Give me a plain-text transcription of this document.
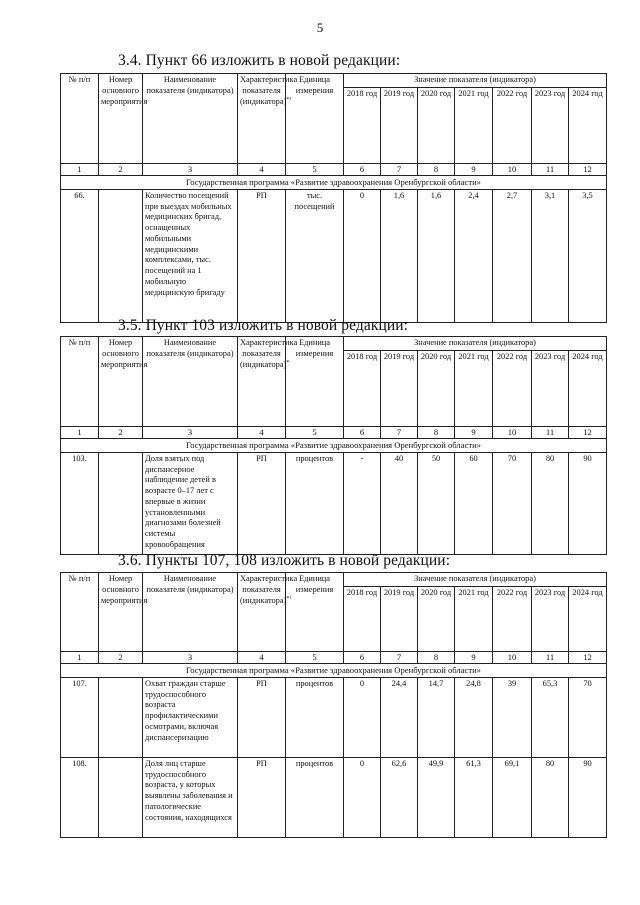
5
3.4. Пункт 66 изложить в новой редакции:
№ п/п	Номер основного мероприятия	Наименование показателя (индикатора)	Характеристика показателя (индикатора)$^{*^1}$	Единица измерения	Значение показателя (индикатора)						
					2018 год	2019 год	2020 год	2021 год	2022 год	2023 год	2024 год
1	2	3	4	5	6	7	8	9	10	11	12
Государственная программа «Развитие здравоохранения Оренбургской области»											
66.		Количество посещений при выездах мобильных медицинских бригад, оснащенных мобильными медицинскими комплексами, тыс. посещений на 1 мобильную медицинскую бригаду	РП	тыс. посещений	0	1,6	1,6	2,4	2,7	3,1	3,5
3.5. Пункт 103 изложить в новой редакции:
№ п/п	Номер основного мероприятия	Наименование показателя (индикатора)	Характеристика показателя (индикатора)*	Единица измерения	Значение показателя (индикатора)						
					2018 год	2019 год	2020 год	2021 год	2022 год	2023 год	2024 год
1	2	3	4	5	6	7	8	9	10	11	12
Государственная программа «Развитие здравоохранения Оренбургской области»											
103.		Доля взятых под диспансерное наблюдение детей в возрасте 0–17 лет с впервые в жизни установленными диагнозами болезней системы кровообращения	РП	процентов	-	40	50	60	70	80	90
3.6. Пункты 107, 108 изложить в новой редакции:
№ п/п	Номер основного мероприятия	Наименование показателя (индикатора)	Характеристика показателя (индикатора)$^{*^1}$	Единица измерения	Значение показателя (индикатора)						
					2018 год	2019 год	2020 год	2021 год	2022 год	2023 год	2024 год
1	2	3	4	5	6	7	8	9	10	11	12
Государственная программа «Развитие здравоохранения Оренбургской области»											
107.		Охват граждан старше трудоспособного возраста профилактическими осмотрами, включая диспансеризацию	РП	процентов	0	24,4	14,7	24,8	39	65,3	70
108.		Доля лиц старше трудоспособного возраста, у которых выявлены заболевания и патологические состояния, находящихся	РП	процентов	0	62,6	49,9	61,3	69,1	80	90
